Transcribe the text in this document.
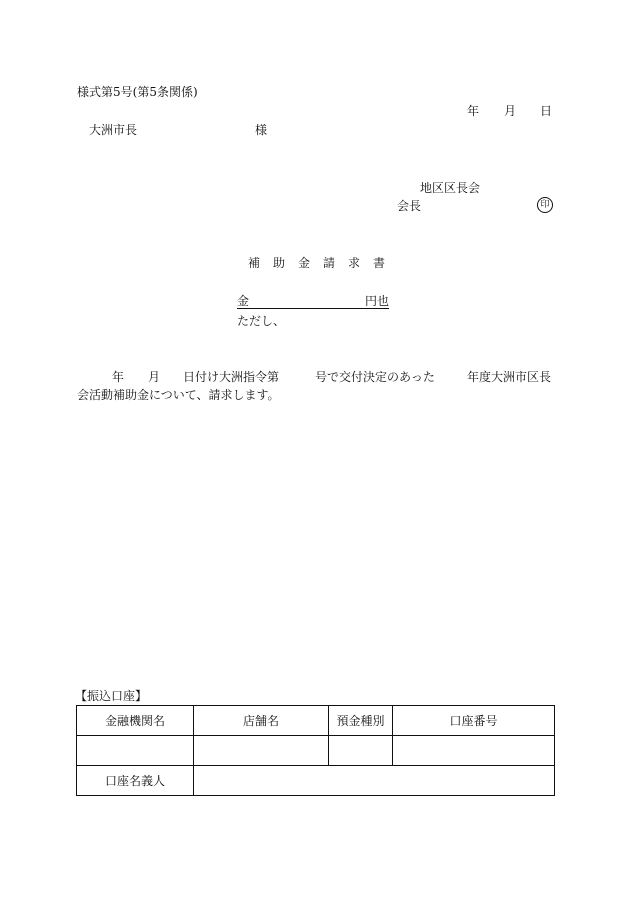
様式第5号(第5条関係)
年 月 日
大洲市長	様
地区区長会
会長	印
補助金請求書
金	円也
ただし、
年 月 日付け大洲指令第	号で交付決定のあった	年度大洲市区長
会活動補助金について、請求します。
【振込口座】
金融機関名	店舗名	預金種別	口座番号

口座名義人			
